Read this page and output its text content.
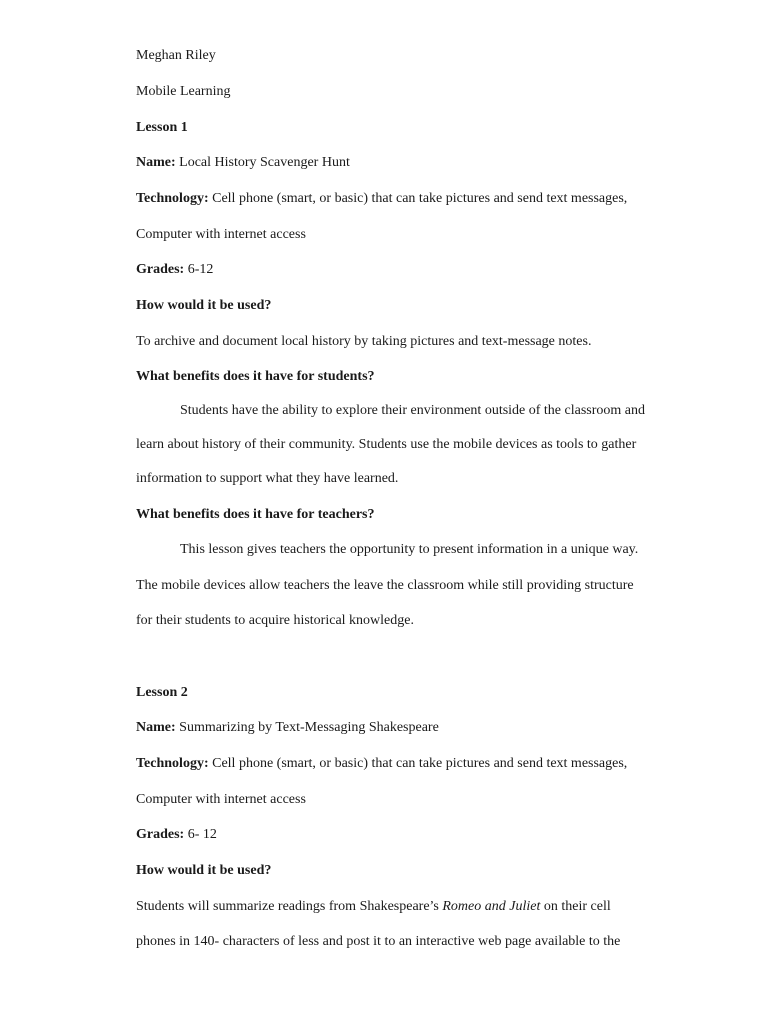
Meghan Riley
Mobile Learning
Lesson 1
Name: Local History Scavenger Hunt
Technology: Cell phone (smart, or basic) that can take pictures and send text messages,
Computer with internet access
Grades: 6-12
How would it be used?
To archive and document local history by taking pictures and text-message notes.
What benefits does it have for students?
Students have the ability to explore their environment outside of the classroom and
learn about history of their community. Students use the mobile devices as tools to gather
information to support what they have learned.
What benefits does it have for teachers?
This lesson gives teachers the opportunity to present information in a unique way.
The mobile devices allow teachers the leave the classroom while still providing structure
for their students to acquire historical knowledge.
Lesson 2
Name: Summarizing by Text-Messaging Shakespeare
Technology: Cell phone (smart, or basic) that can take pictures and send text messages,
Computer with internet access
Grades: 6- 12
How would it be used?
Students will summarize readings from Shakespeare’s Romeo and Juliet on their cell
phones in 140- characters of less and post it to an interactive web page available to the
